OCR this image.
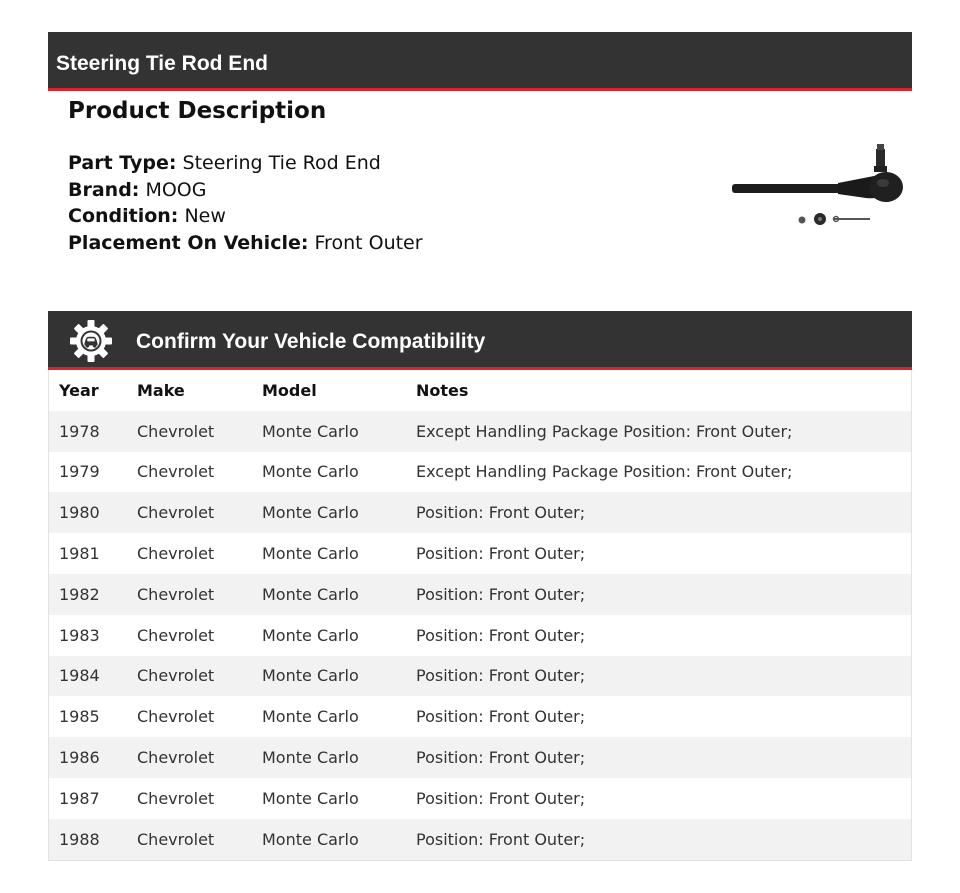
Steering Tie Rod End
Product Description
Part Type: Steering Tie Rod End
Brand: MOOG
Condition: New
Placement On Vehicle: Front Outer
Confirm Your Vehicle Compatibility
Year	Make	Model	Notes
1978	Chevrolet	Monte Carlo	Except Handling Package Position: Front Outer;
1979	Chevrolet	Monte Carlo	Except Handling Package Position: Front Outer;
1980	Chevrolet	Monte Carlo	Position: Front Outer;
1981	Chevrolet	Monte Carlo	Position: Front Outer;
1982	Chevrolet	Monte Carlo	Position: Front Outer;
1983	Chevrolet	Monte Carlo	Position: Front Outer;
1984	Chevrolet	Monte Carlo	Position: Front Outer;
1985	Chevrolet	Monte Carlo	Position: Front Outer;
1986	Chevrolet	Monte Carlo	Position: Front Outer;
1987	Chevrolet	Monte Carlo	Position: Front Outer;
1988	Chevrolet	Monte Carlo	Position: Front Outer;
